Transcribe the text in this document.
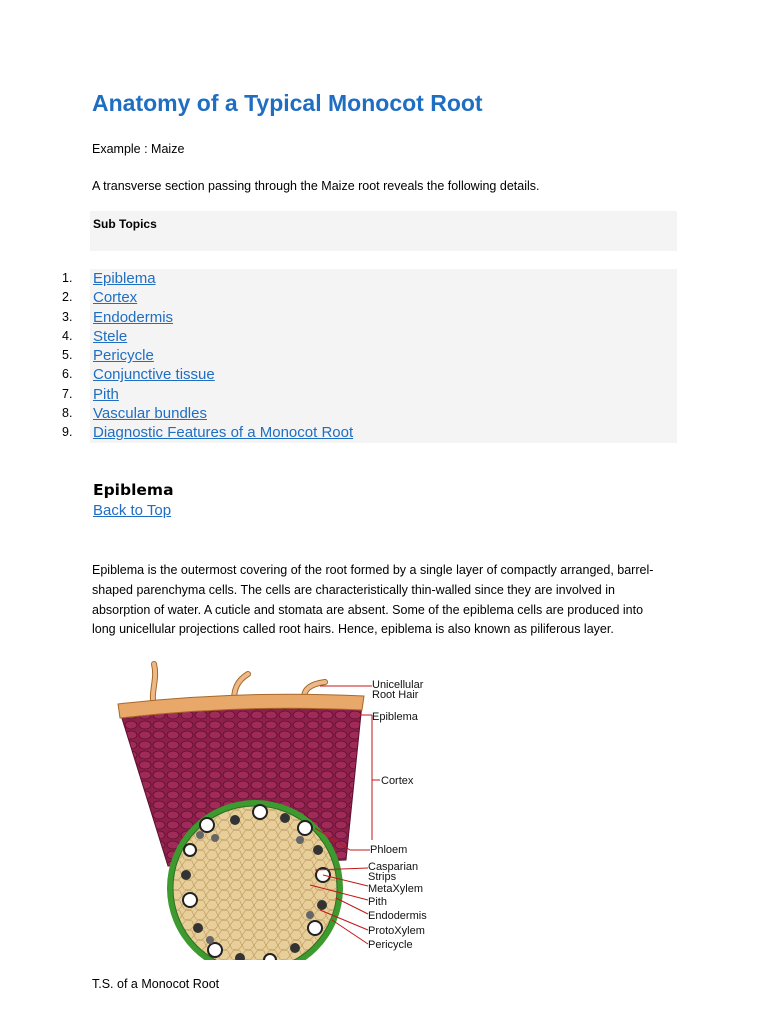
Anatomy of a Typical Monocot Root

Example : Maize

A transverse section passing through the Maize root reveals the following details.

Sub Topics

1.	Epiblema
2.	Cortex
3.	Endodermis
4.	Stele
5.	Pericycle
6.	Conjunctive tissue
7.	Pith
8.	Vascular bundles
9.	Diagnostic Features of a Monocot Root
Epiblema
Back to Top

Epiblema is the outermost covering of the root formed by a single layer of compactly arranged, barrel-
shaped parenchyma cells. The cells are characteristically thin-walled since they are involved in
absorption of water. A cuticle and stomata are absent. Some of the epiblema cells are produced into
long unicellular projections called root hairs. Hence, epiblema is also known as piliferous layer.

Unicellular
Root Hair
Epiblema
Cortex
Phloem
Casparian
Strips
MetaXylem
Pith
Endodermis
ProtoXylem
Pericycle

T.S. of a Monocot Root
